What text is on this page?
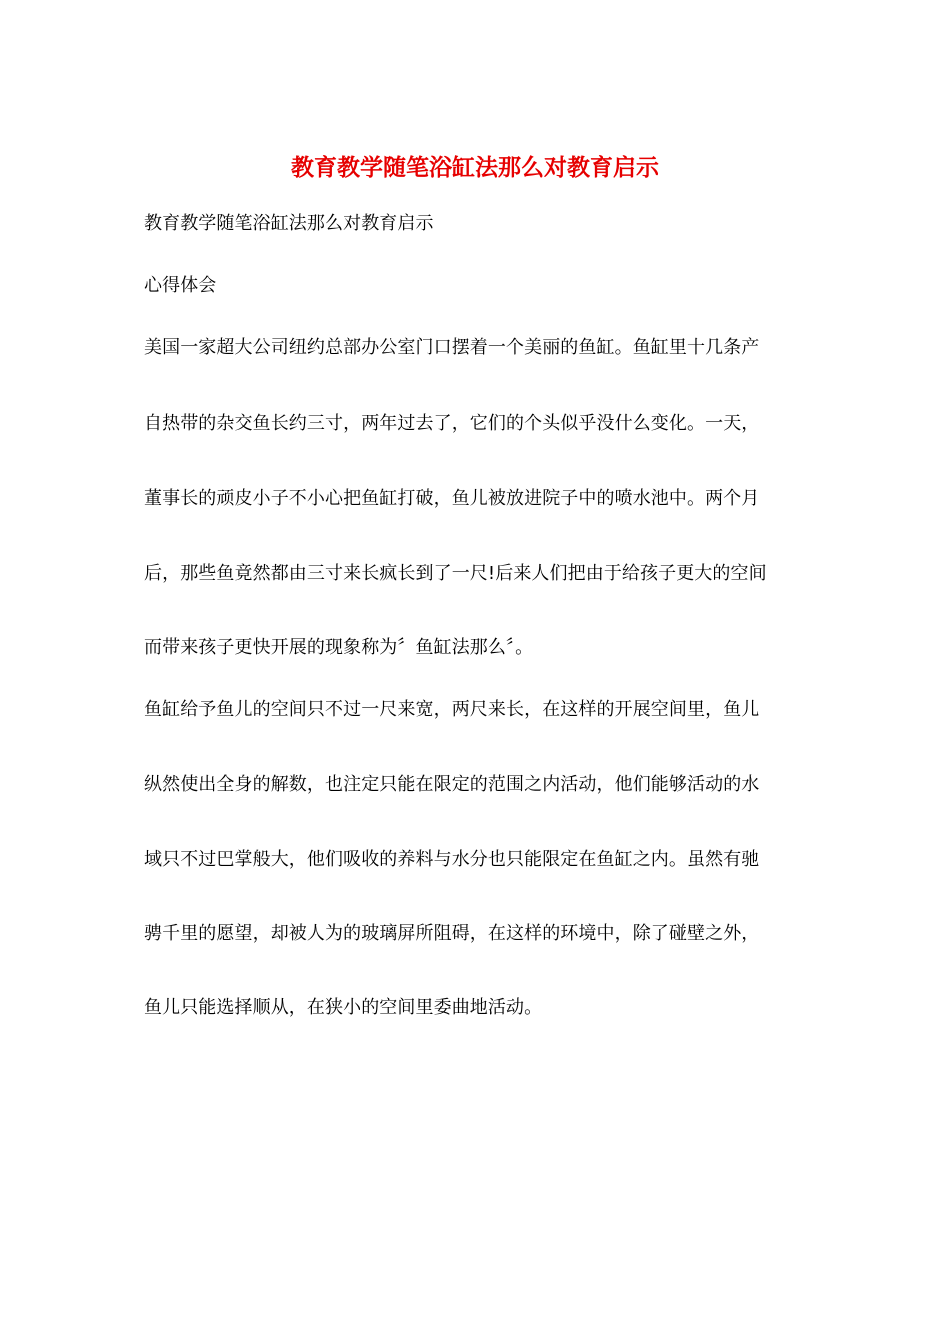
教育教学随笔浴缸法那么对教育启示
教育教学随笔浴缸法那么对教育启示
心得体会
美国一家超大公司纽约总部办公室门口摆着一个美丽的鱼缸。鱼缸里十几条产
自热带的杂交鱼长约三寸，两年过去了，它们的个头似乎没什么变化。一天，
董事长的顽皮小子不小心把鱼缸打破，鱼儿被放进院子中的喷水池中。两个月
后，那些鱼竟然都由三寸来长疯长到了一尺!后来人们把由于给孩子更大的空间
而带来孩子更快开展的现象称为〞鱼缸法那么〞。
鱼缸给予鱼儿的空间只不过一尺来宽，两尺来长，在这样的开展空间里，鱼儿
纵然使出全身的解数，也注定只能在限定的范围之内活动，他们能够活动的水
域只不过巴掌般大，他们吸收的养料与水分也只能限定在鱼缸之内。虽然有驰
骋千里的愿望，却被人为的玻璃屏所阻碍，在这样的环境中，除了碰壁之外，
鱼儿只能选择顺从，在狭小的空间里委曲地活动。
